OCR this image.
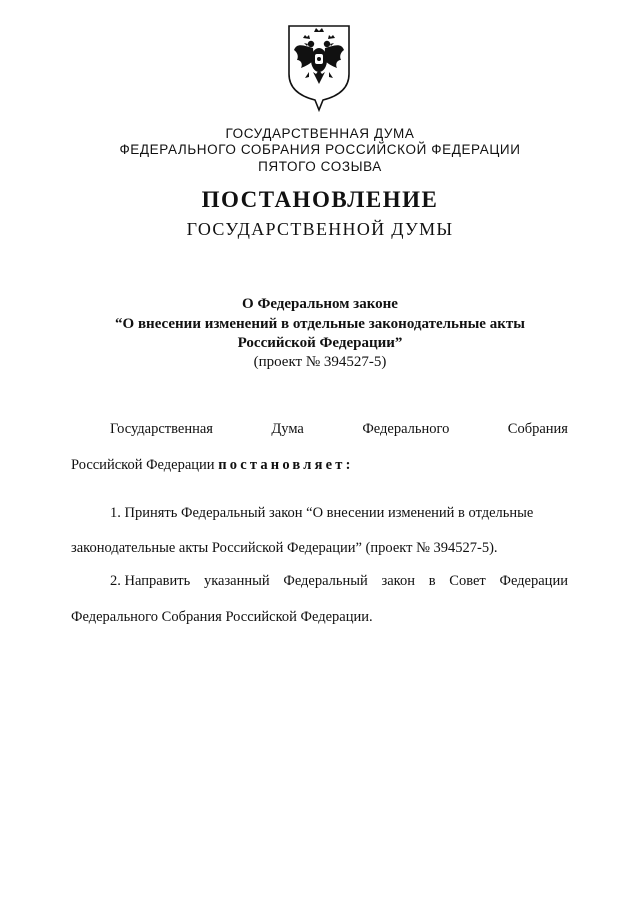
ГОСУДАРСТВЕННАЯ ДУМА
ФЕДЕРАЛЬНОГО СОБРАНИЯ РОССИЙСКОЙ ФЕДЕРАЦИИ
ПЯТОГО СОЗЫВА
ПОСТАНОВЛЕНИЕ
ГОСУДАРСТВЕННОЙ ДУМЫ
О Федеральном законе
“О внесении изменений в отдельные законодательные акты
Российской Федерации”
(проект № 394527-5)
Государственная	Дума	Федерального	Собрания
Российской Федерации постановляет:
1. Принять Федеральный закон “О внесении изменений в отдельные
законодательные акты Российской Федерации” (проект № 394527-5).
2. Направить указанный Федеральный закон в Совет Федерации
Федерального Собрания Российской Федерации.
